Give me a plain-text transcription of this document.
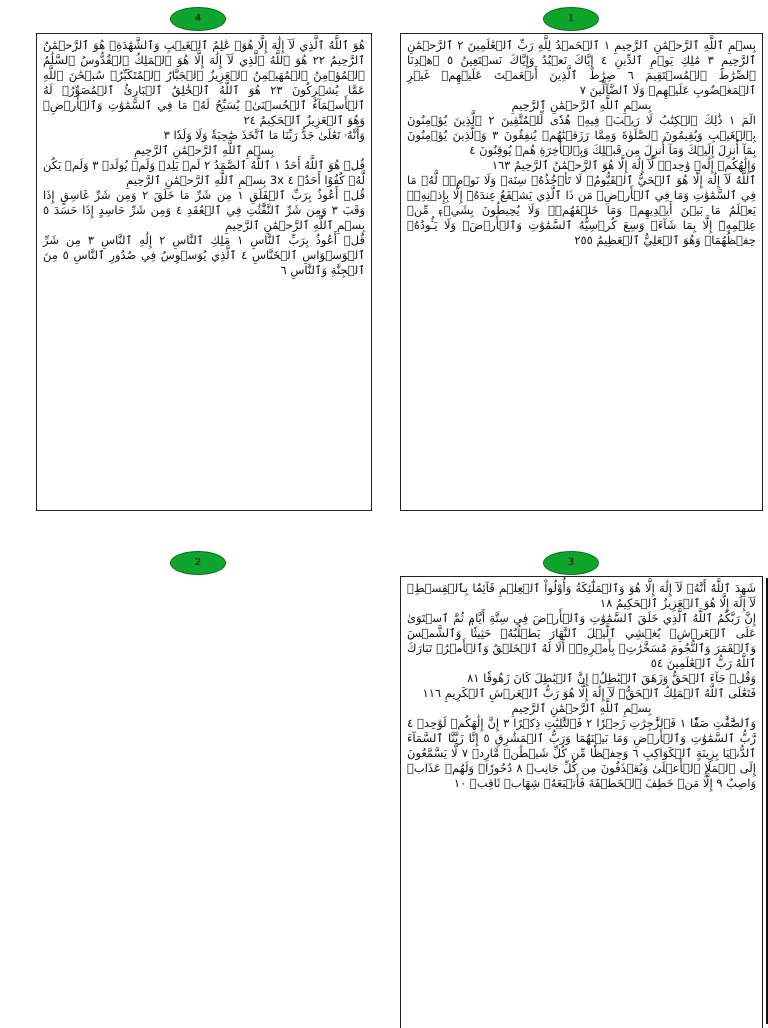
1

بِسۡمِ ٱللَّهِ ٱلرَّحۡمَٰنِ ٱلرَّحِيمِ ١ ٱلۡحَمۡدُ لِلَّهِ رَبِّ ٱلۡعَٰلَمِينَ ٢ ٱلرَّحۡمَٰنِ ٱلرَّحِيمِ ٣ مَٰلِكِ يَوۡمِ ٱلدِّينِ ٤ إِيَّاكَ نَعۡبُدُ وَإِيَّاكَ نَسۡتَعِينُ ٥ ٱهۡدِنَا ٱلصِّرَٰطَ ٱلۡمُسۡتَقِيمَ ٦ صِرَٰطَ ٱلَّذِينَ أَنۡعَمۡتَ عَلَيۡهِمۡ غَيۡرِ ٱلۡمَغۡضُوبِ عَلَيۡهِمۡ وَلَا ٱلضَّآلِّينَ ٧

بِسۡمِ ٱللَّهِ ٱلرَّحۡمَٰنِ ٱلرَّحِيمِ

الٓمٓ ١ ذَٰلِكَ ٱلۡكِتَٰبُ لَا رَيۡبَۛ فِيهِۛ هُدٗى لِّلۡمُتَّقِينَ ٢ ٱلَّذِينَ يُؤۡمِنُونَ بِٱلۡغَيۡبِ وَيُقِيمُونَ ٱلصَّلَوٰةَ وَمِمَّا رَزَقۡنَٰهُمۡ يُنفِقُونَ ٣ وَٱلَّذِينَ يُؤۡمِنُونَ بِمَآ أُنزِلَ إِلَيۡكَ وَمَآ أُنزِلَ مِن قَبۡلِكَ وَبِٱلۡأٓخِرَةِ هُمۡ يُوقِنُونَ ٤

وَإِلَٰهُكُمۡ إِلَٰهٞ وَٰحِدٞۖ لَّآ إِلَٰهَ إِلَّا هُوَ ٱلرَّحۡمَٰنُ ٱلرَّحِيمُ ١٦٣

ٱللَّهُ لَآ إِلَٰهَ إِلَّا هُوَ ٱلۡحَيُّ ٱلۡقَيُّومُۚ لَا تَأۡخُذُهُۥ سِنَةٞ وَلَا نَوۡمٞۚ لَّهُۥ مَا فِي ٱلسَّمَٰوَٰتِ وَمَا فِي ٱلۡأَرۡضِۗ مَن ذَا ٱلَّذِي يَشۡفَعُ عِندَهُۥٓ إِلَّا بِإِذۡنِهِۦۚ يَعۡلَمُ مَا بَيۡنَ أَيۡدِيهِمۡ وَمَا خَلۡفَهُمۡۖ وَلَا يُحِيطُونَ بِشَيۡءٖ مِّنۡ عِلۡمِهِۦٓ إِلَّا بِمَا شَآءَۚ وَسِعَ كُرۡسِيُّهُ ٱلسَّمَٰوَٰتِ وَٱلۡأَرۡضَۖ وَلَا يَـُٔودُهُۥ حِفۡظُهُمَاۚ وَهُوَ ٱلۡعَلِيُّ ٱلۡعَظِيمُ ٢٥٥

4

هُوَ ٱللَّهُ ٱلَّذِي لَآ إِلَٰهَ إِلَّا هُوَۖ عَٰلِمُ ٱلۡغَيۡبِ وَٱلشَّهَٰدَةِۖ هُوَ ٱلرَّحۡمَٰنُ ٱلرَّحِيمُ ٢٢ هُوَ ٱللَّهُ ٱلَّذِي لَآ إِلَٰهَ إِلَّا هُوَ ٱلۡمَلِكُ ٱلۡقُدُّوسُ ٱلسَّلَٰمُ ٱلۡمُؤۡمِنُ ٱلۡمُهَيۡمِنُ ٱلۡعَزِيزُ ٱلۡجَبَّارُ ٱلۡمُتَكَبِّرُۚ سُبۡحَٰنَ ٱللَّهِ عَمَّا يُشۡرِكُونَ ٢٣ هُوَ ٱللَّهُ ٱلۡخَٰلِقُ ٱلۡبَارِئُ ٱلۡمُصَوِّرُۖ لَهُ ٱلۡأَسۡمَآءُ ٱلۡحُسۡنَىٰۚ يُسَبِّحُ لَهُۥ مَا فِي ٱلسَّمَٰوَٰتِ وَٱلۡأَرۡضِۖ وَهُوَ ٱلۡعَزِيزُ ٱلۡحَكِيمُ ٢٤

وَأَنَّهُۥ تَعَٰلَىٰ جَدُّ رَبِّنَا مَا ٱتَّخَذَ صَٰحِبَةٗ وَلَا وَلَدٗا ٣

بِسۡمِ ٱللَّهِ ٱلرَّحۡمَٰنِ ٱلرَّحِيمِ

قُلۡ هُوَ ٱللَّهُ أَحَدٌ ١ ٱللَّهُ ٱلصَّمَدُ ٢ لَمۡ يَلِدۡ وَلَمۡ يُولَدۡ ٣ وَلَمۡ يَكُن لَّهُۥ كُفُوًا أَحَدُۢ ٤ 3x بِسۡمِ ٱللَّهِ ٱلرَّحۡمَٰنِ ٱلرَّحِيمِ

قُلۡ أَعُوذُ بِرَبِّ ٱلۡفَلَقِ ١ مِن شَرِّ مَا خَلَقَ ٢ وَمِن شَرِّ غَاسِقٍ إِذَا وَقَبَ ٣ وَمِن شَرِّ ٱلنَّفَّٰثَٰتِ فِي ٱلۡعُقَدِ ٤ وَمِن شَرِّ حَاسِدٍ إِذَا حَسَدَ ٥ بِسۡمِ ٱللَّهِ ٱلرَّحۡمَٰنِ ٱلرَّحِيمِ

قُلۡ أَعُوذُ بِرَبِّ ٱلنَّاسِ ١ مَلِكِ ٱلنَّاسِ ٢ إِلَٰهِ ٱلنَّاسِ ٣ مِن شَرِّ ٱلۡوَسۡوَاسِ ٱلۡخَنَّاسِ ٤ ٱلَّذِي يُوَسۡوِسُ فِي صُدُورِ ٱلنَّاسِ ٥ مِنَ ٱلۡجِنَّةِ وَٱلنَّاسِ ٦

2	3

شَهِدَ ٱللَّهُ أَنَّهُۥ لَآ إِلَٰهَ إِلَّا هُوَ وَٱلۡمَلَٰٓئِكَةُ وَأُوْلُواْ ٱلۡعِلۡمِ قَآئِمَۢا بِٱلۡقِسۡطِۚ لَآ إِلَٰهَ إِلَّا هُوَ ٱلۡعَزِيزُ ٱلۡحَكِيمُ ١٨

إِنَّ رَبَّكُمُ ٱللَّهُ ٱلَّذِي خَلَقَ ٱلسَّمَٰوَٰتِ وَٱلۡأَرۡضَ فِي سِتَّةِ أَيَّامٖ ثُمَّ ٱسۡتَوَىٰ عَلَى ٱلۡعَرۡشِۖ يُغۡشِي ٱلَّيۡلَ ٱلنَّهَارَ يَطۡلُبُهُۥ حَثِيثٗا وَٱلشَّمۡسَ وَٱلۡقَمَرَ وَٱلنُّجُومَ مُسَخَّرَٰتِۭ بِأَمۡرِهِۦٓۗ أَلَا لَهُ ٱلۡخَلۡقُ وَٱلۡأَمۡرُۗ تَبَارَكَ ٱللَّهُ رَبُّ ٱلۡعَٰلَمِينَ ٥٤

وَقُلۡ جَآءَ ٱلۡحَقُّ وَزَهَقَ ٱلۡبَٰطِلُۚ إِنَّ ٱلۡبَٰطِلَ كَانَ زَهُوقٗا ٨١

فَتَعَٰلَى ٱللَّهُ ٱلۡمَلِكُ ٱلۡحَقُّۖ لَآ إِلَٰهَ إِلَّا هُوَ رَبُّ ٱلۡعَرۡشِ ٱلۡكَرِيمِ ١١٦

بِسۡمِ ٱللَّهِ ٱلرَّحۡمَٰنِ ٱلرَّحِيمِ

وَٱلصَّٰٓفَّٰتِ صَفّٗا ١ فَٱلزَّٰجِرَٰتِ زَجۡرٗا ٢ فَٱلتَّٰلِيَٰتِ ذِكۡرًا ٣ إِنَّ إِلَٰهَكُمۡ لَوَٰحِدٞ ٤ رَّبُّ ٱلسَّمَٰوَٰتِ وَٱلۡأَرۡضِ وَمَا بَيۡنَهُمَا وَرَبُّ ٱلۡمَشَٰرِقِ ٥ إِنَّا زَيَّنَّا ٱلسَّمَآءَ ٱلدُّنۡيَا بِزِينَةٍ ٱلۡكَوَاكِبِ ٦ وَحِفۡظٗا مِّن كُلِّ شَيۡطَٰنٖ مَّارِدٖ ٧ لَّا يَسَّمَّعُونَ إِلَى ٱلۡمَلَإِ ٱلۡأَعۡلَىٰ وَيُقۡذَفُونَ مِن كُلِّ جَانِبٖ ٨ دُحُورٗاۖ وَلَهُمۡ عَذَابٞ وَاصِبٌ ٩ إِلَّا مَنۡ خَطِفَ ٱلۡخَطۡفَةَ فَأَتۡبَعَهُۥ شِهَابٞ ثَاقِبٞ ١٠
